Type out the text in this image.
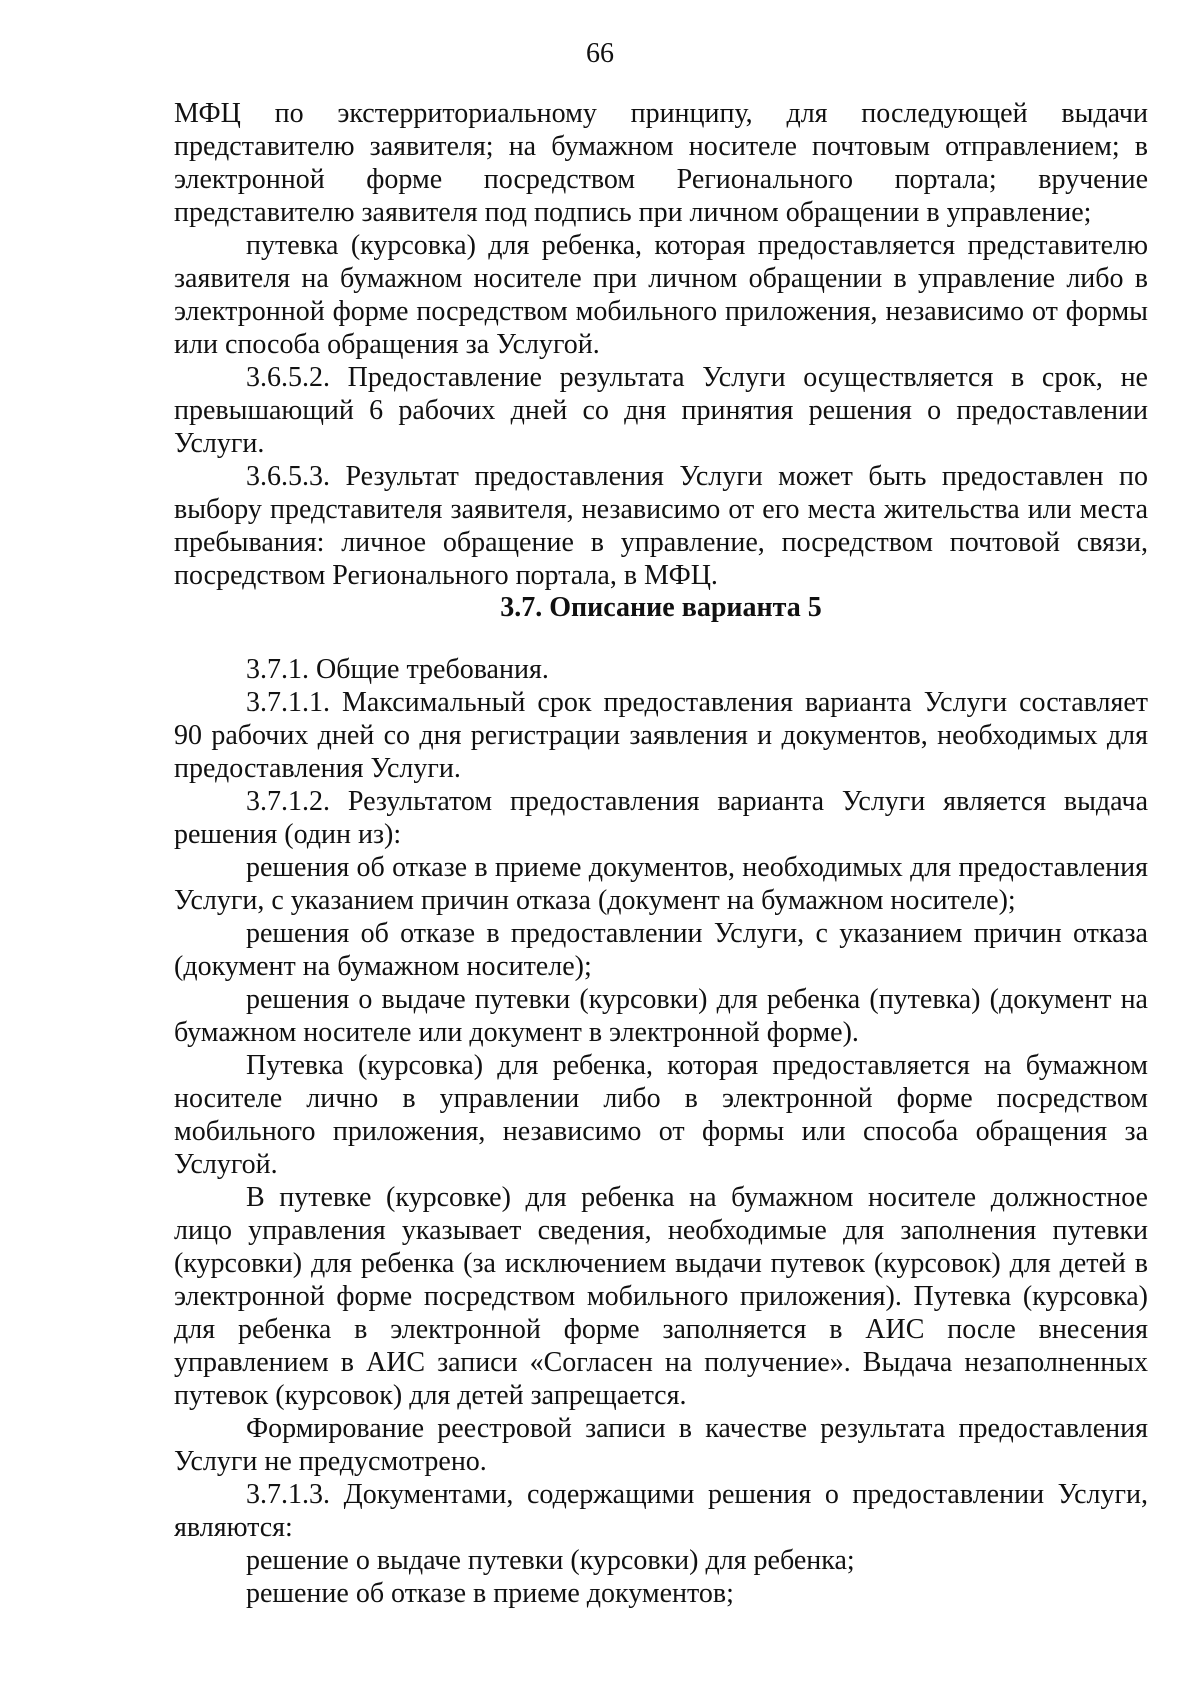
66

МФЦ по экстерриториальному принципу, для последующей выдачи представителю заявителя; на бумажном носителе почтовым отправлением; в электронной форме посредством Регионального портала; вручение представителю заявителя под подпись при личном обращении в управление;

путевка (курсовка) для ребенка, которая предоставляется представителю заявителя на бумажном носителе при личном обращении в управление либо в электронной форме посредством мобильного приложения, независимо от формы или способа обращения за Услугой.

3.6.5.2. Предоставление результата Услуги осуществляется в срок, не превышающий 6 рабочих дней со дня принятия решения о предоставлении Услуги.

3.6.5.3. Результат предоставления Услуги может быть предоставлен по выбору представителя заявителя, независимо от его места жительства или места пребывания: личное обращение в управление, посредством почтовой связи, посредством Регионального портала, в МФЦ.

3.7. Описание варианта 5

3.7.1. Общие требования.

3.7.1.1. Максимальный срок предоставления варианта Услуги составляет 90 рабочих дней со дня регистрации заявления и документов, необходимых для предоставления Услуги.

3.7.1.2. Результатом предоставления варианта Услуги является выдача решения (один из):

решения об отказе в приеме документов, необходимых для предоставления Услуги, с указанием причин отказа (документ на бумажном носителе);

решения об отказе в предоставлении Услуги, с указанием причин отказа (документ на бумажном носителе);

решения о выдаче путевки (курсовки) для ребенка (путевка) (документ на бумажном носителе или документ в электронной форме).

Путевка (курсовка) для ребенка, которая предоставляется на бумажном носителе лично в управлении либо в электронной форме посредством мобильного приложения, независимо от формы или способа обращения за Услугой.

В путевке (курсовке) для ребенка на бумажном носителе должностное лицо управления указывает сведения, необходимые для заполнения путевки (курсовки) для ребенка (за исключением выдачи путевок (курсовок) для детей в электронной форме посредством мобильного приложения). Путевка (курсовка) для ребенка в электронной форме заполняется в АИС после внесения управлением в АИС записи «Согласен на получение». Выдача незаполненных путевок (курсовок) для детей запрещается.

Формирование реестровой записи в качестве результата предоставления Услуги не предусмотрено.

3.7.1.3. Документами, содержащими решения о предоставлении Услуги, являются:

решение о выдаче путевки (курсовки) для ребенка;

решение об отказе в приеме документов;
